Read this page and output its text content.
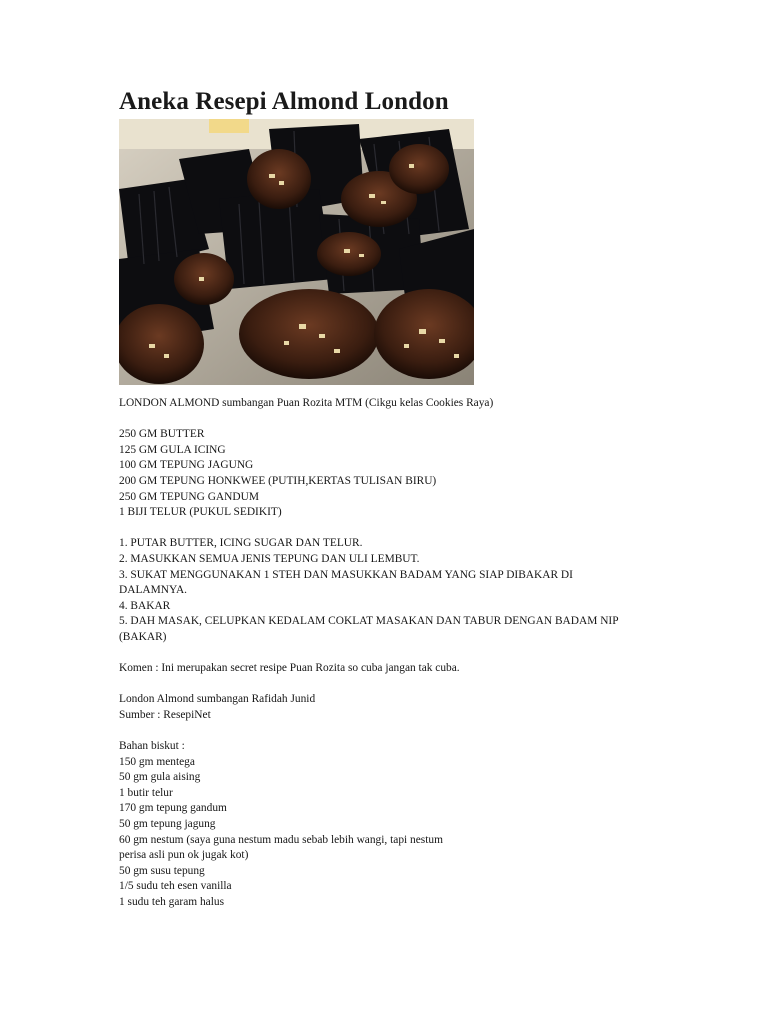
Aneka Resepi Almond London

LONDON ALMOND sumbangan Puan Rozita MTM (Cikgu kelas Cookies Raya)

250 GM BUTTER
125 GM GULA ICING
100 GM TEPUNG JAGUNG
200 GM TEPUNG HONKWEE (PUTIH,KERTAS TULISAN BIRU)
250 GM TEPUNG GANDUM
1 BIJI TELUR (PUKUL SEDIKIT)
1. PUTAR BUTTER, ICING SUGAR DAN TELUR.
2. MASUKKAN SEMUA JENIS TEPUNG DAN ULI LEMBUT.
3. SUKAT MENGGUNAKAN 1 STEH DAN MASUKKAN BADAM YANG SIAP DIBAKAR DI
DALAMNYA.
4. BAKAR
5. DAH MASAK, CELUPKAN KEDALAM COKLAT MASAKAN DAN TABUR DENGAN BADAM NIP
(BAKAR)

Komen : Ini merupakan secret resipe Puan Rozita so cuba jangan tak cuba.

London Almond sumbangan Rafidah Junid
Sumber : ResepiNet
Bahan biskut :
150 gm mentega
50 gm gula aising
1 butir telur
170 gm tepung gandum
50 gm tepung jagung
60 gm nestum (saya guna nestum madu sebab lebih wangi, tapi nestum
perisa asli pun ok jugak kot)
50 gm susu tepung
1/5 sudu teh esen vanilla
1 sudu teh garam halus
